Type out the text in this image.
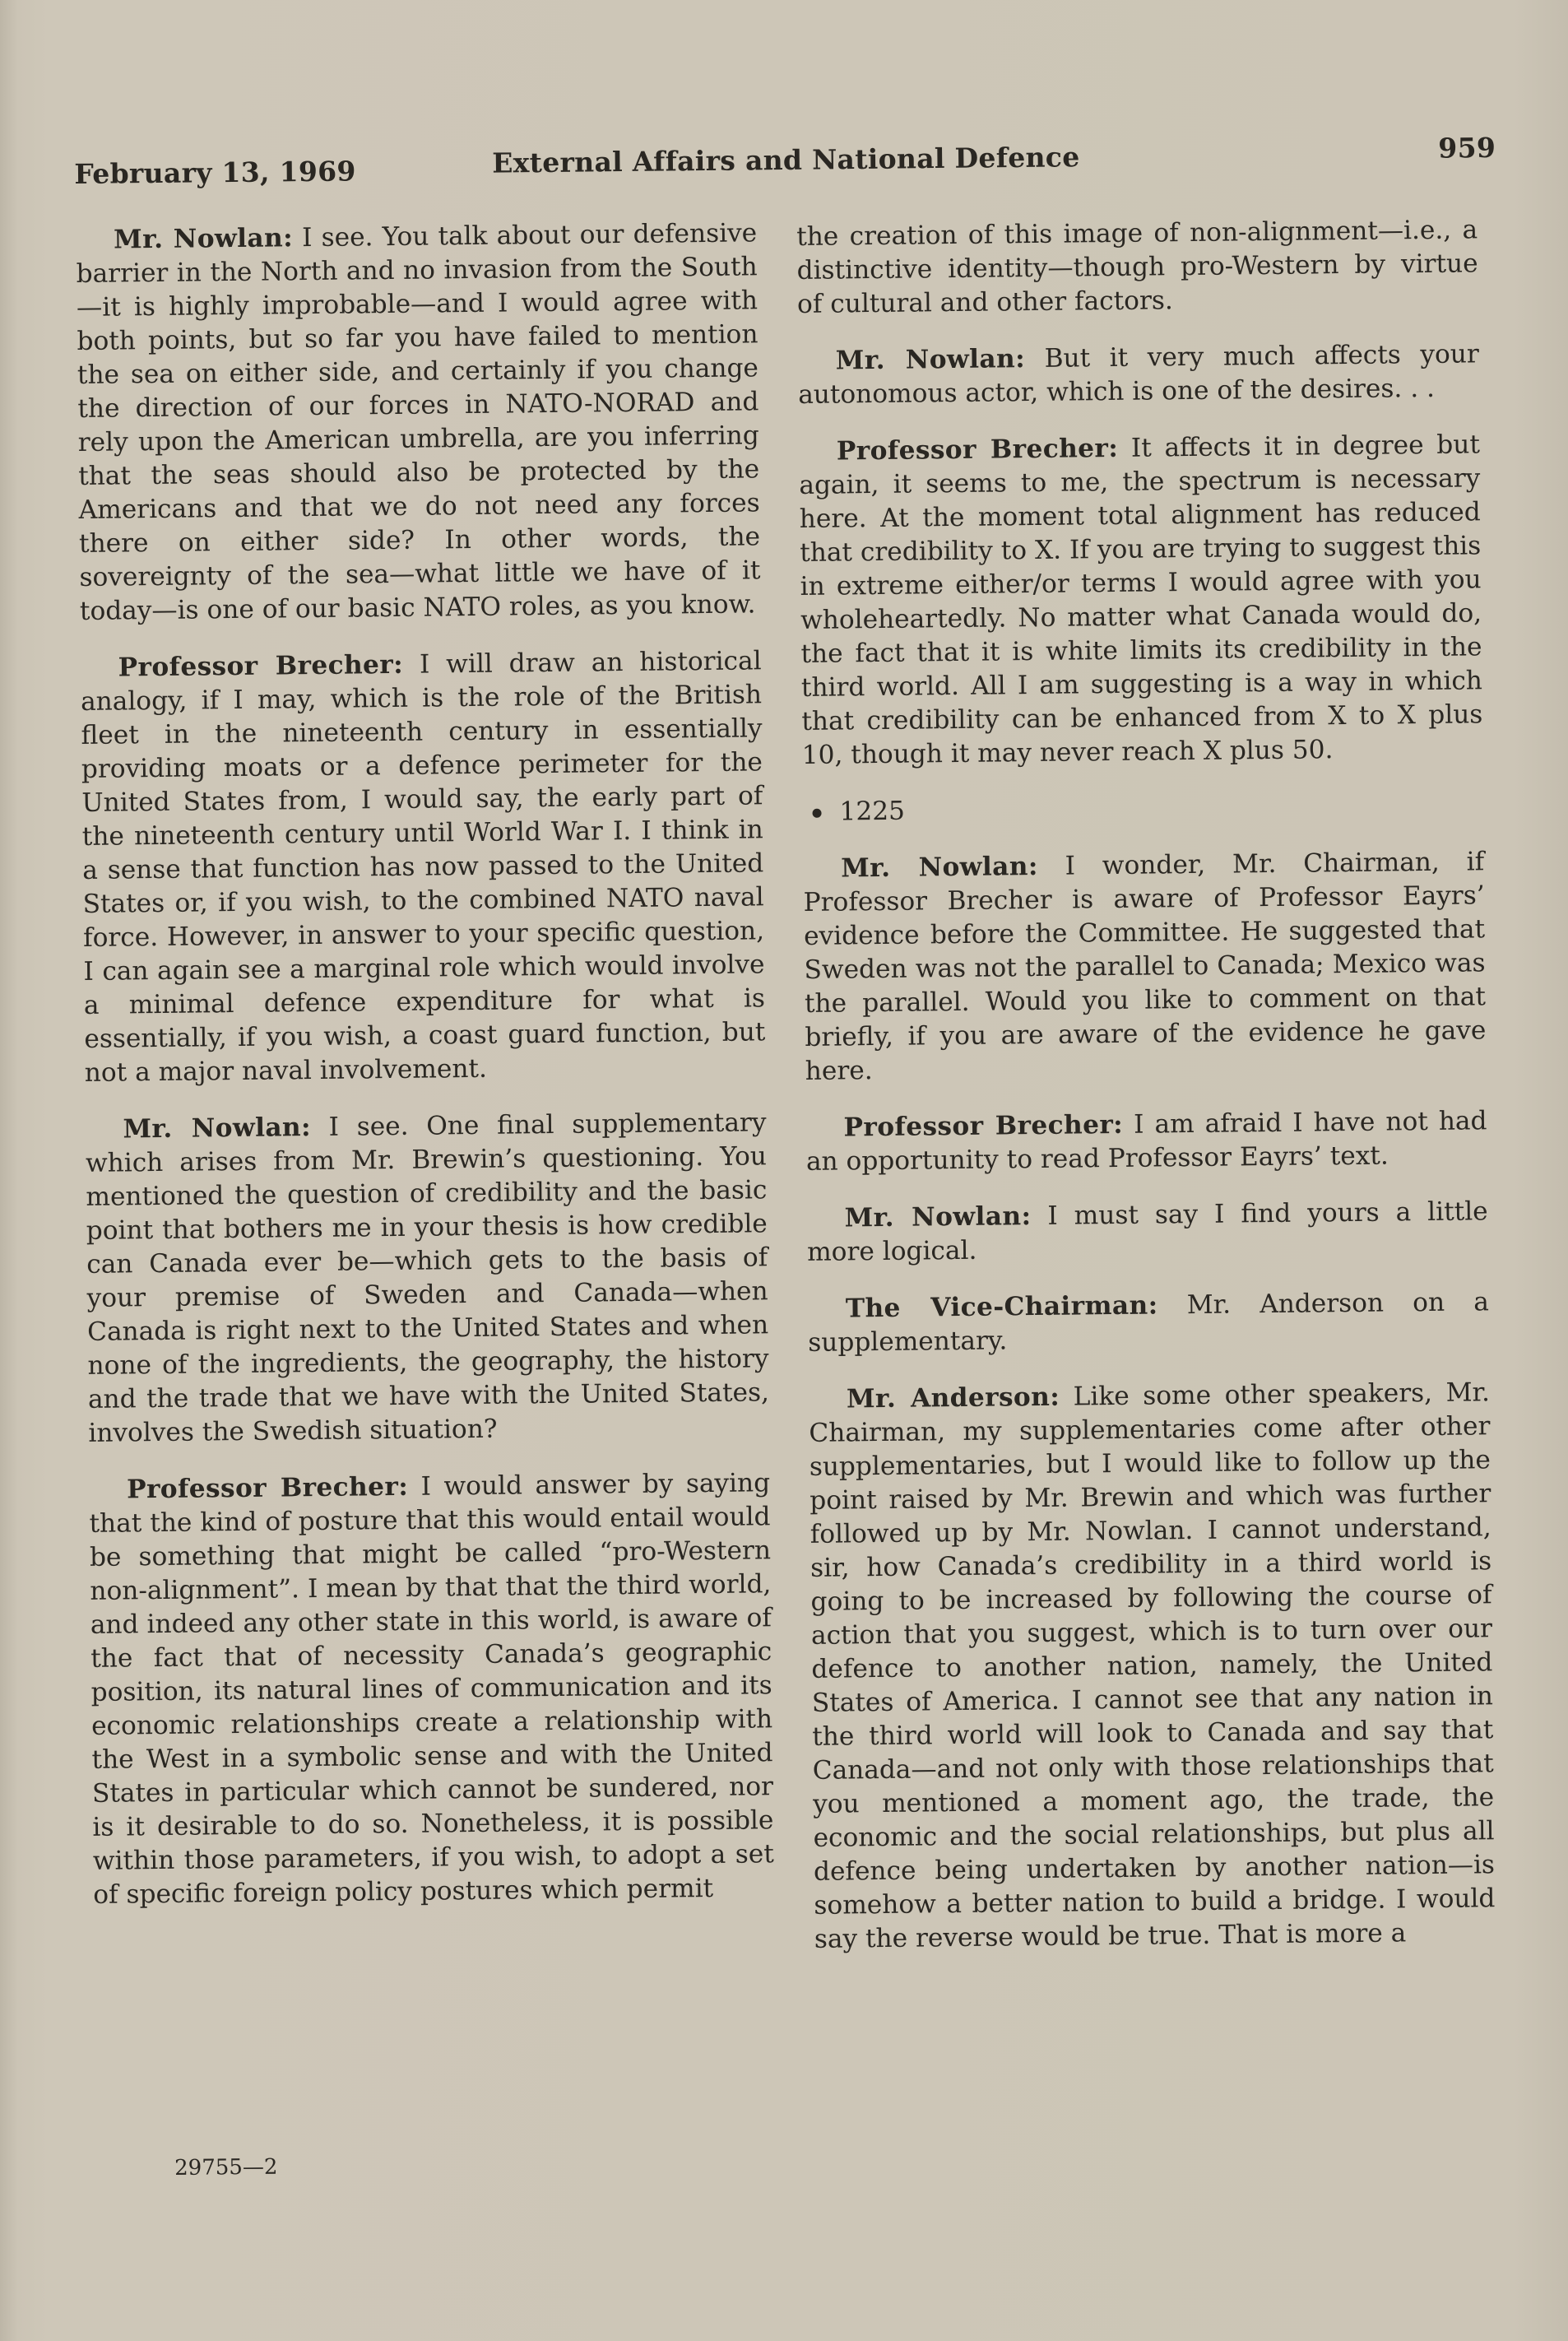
February 13, 1969	External Affairs and National Defence	959

Mr. Nowlan: I see. You talk about our defensive barrier in the North and no invasion from the South—it is highly improbable—and I would agree with both points, but so far you have failed to mention the sea on either side, and certainly if you change the direction of our forces in NATO-NORAD and rely upon the American umbrella, are you inferring that the seas should also be protected by the Americans and that we do not need any forces there on either side? In other words, the sovereignty of the sea—what little we have of it today—is one of our basic NATO roles, as you know.

Professor Brecher: I will draw an historical analogy, if I may, which is the role of the British fleet in the nineteenth century in essentially providing moats or a defence perimeter for the United States from, I would say, the early part of the nineteenth century until World War I. I think in a sense that function has now passed to the United States or, if you wish, to the combined NATO naval force. However, in answer to your specific question, I can again see a marginal role which would involve a minimal defence expenditure for what is essentially, if you wish, a coast guard function, but not a major naval involvement.

Mr. Nowlan: I see. One final supplementary which arises from Mr. Brewin’s questioning. You mentioned the question of credibility and the basic point that bothers me in your thesis is how credible can Canada ever be—which gets to the basis of your premise of Sweden and Canada—when Canada is right next to the United States and when none of the ingredients, the geography, the history and the trade that we have with the United States, involves the Swedish situation?

Professor Brecher: I would answer by saying that the kind of posture that this would entail would be something that might be called “pro-Western non-alignment”. I mean by that that the third world, and indeed any other state in this world, is aware of the fact that of necessity Canada’s geographic position, its natural lines of communication and its economic relationships create a relationship with the West in a symbolic sense and with the United States in particular which cannot be sundered, nor is it desirable to do so. Nonetheless, it is possible within those parameters, if you wish, to adopt a set of specific foreign policy postures which permit

the creation of this image of non-alignment—i.e., a distinctive identity—though pro-Western by virtue of cultural and other factors.

Mr. Nowlan: But it very much affects your autonomous actor, which is one of the desires. . .

Professor Brecher: It affects it in degree but again, it seems to me, the spectrum is necessary here. At the moment total alignment has reduced that credibility to X. If you are trying to suggest this in extreme either/or terms I would agree with you wholeheartedly. No matter what Canada would do, the fact that it is white limits its credibility in the third world. All I am suggesting is a way in which that credibility can be enhanced from X to X plus 10, though it may never reach X plus 50.

1225

Mr. Nowlan: I wonder, Mr. Chairman, if Professor Brecher is aware of Professor Eayrs’ evidence before the Committee. He suggested that Sweden was not the parallel to Canada; Mexico was the parallel. Would you like to comment on that briefly, if you are aware of the evidence he gave here.

Professor Brecher: I am afraid I have not had an opportunity to read Professor Eayrs’ text.

Mr. Nowlan: I must say I find yours a little more logical.

The Vice-Chairman: Mr. Anderson on a supplementary.

Mr. Anderson: Like some other speakers, Mr. Chairman, my supplementaries come after other supplementaries, but I would like to follow up the point raised by Mr. Brewin and which was further followed up by Mr. Nowlan. I cannot understand, sir, how Canada’s credibility in a third world is going to be increased by following the course of action that you suggest, which is to turn over our defence to another nation, namely, the United States of America. I cannot see that any nation in the third world will look to Canada and say that Canada—and not only with those relationships that you mentioned a moment ago, the trade, the economic and the social relationships, but plus all defence being undertaken by another nation—is somehow a better nation to build a bridge. I would say the reverse would be true. That is more a

29755—2
